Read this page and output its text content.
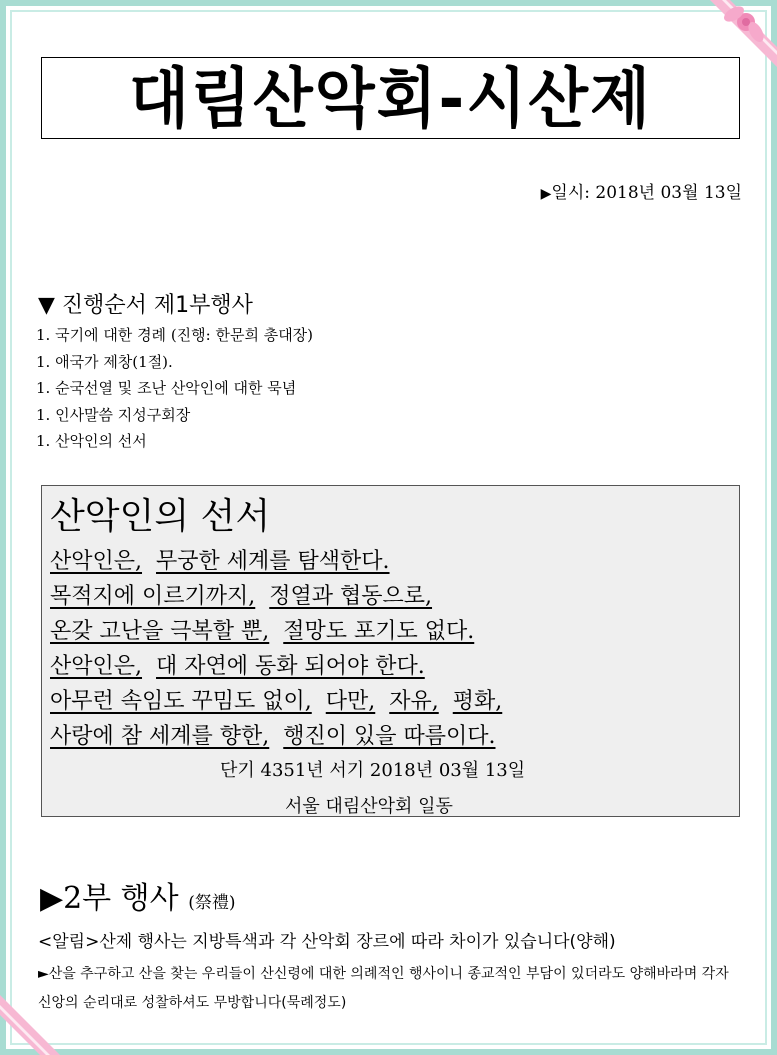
대림산악회-시산제
▶일시: 2018년 03월 13일
▼ 진행순서 제1부행사
1. 국기에 대한 경례 (진행: 한문희 총대장)
1. 애국가 제창(1절).
1. 순국선열 및 조난 산악인에 대한 묵념
1. 인사말씀 지성구회장
1. 산악인의 선서
산악인의 선서
산악인은, 무궁한 세계를 탐색한다.
목적지에 이르기까지, 정열과 협동으로,
온갖 고난을 극복할 뿐, 절망도 포기도 없다.
산악인은, 대 자연에 동화 되어야 한다.
아무런 속임도 꾸밈도 없이, 다만, 자유, 평화,
사랑에 참 세계를 향한, 행진이 있을 따름이다.
단기 4351년 서기 2018년 03월 13일
서울 대림산악회 일동
▶2부 행사 (祭禮)
<알림>산제 행사는 지방특색과 각 산악회 장르에 따라 차이가 있습니다(양해)
►산을 추구하고 산을 찾는 우리들이 산신령에 대한 의례적인 행사이니 종교적인 부담이 있더라도 양해바라며 각자 신앙의 순리대로 성찰하셔도 무방합니다(묵례정도)
